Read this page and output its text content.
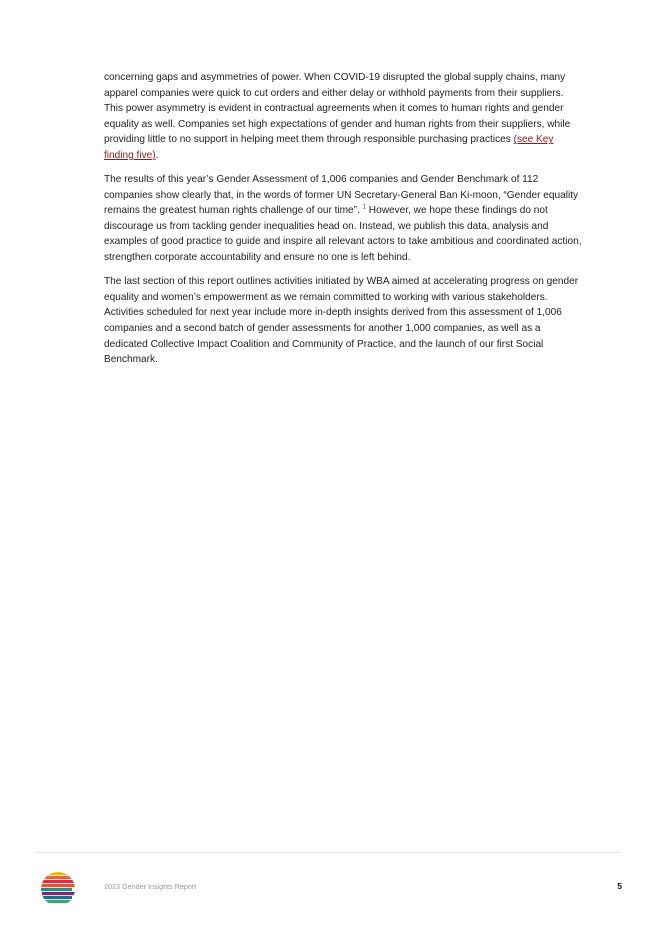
concerning gaps and asymmetries of power. When COVID-19 disrupted the global supply chains, many apparel companies were quick to cut orders and either delay or withhold payments from their suppliers. This power asymmetry is evident in contractual agreements when it comes to human rights and gender equality as well. Companies set high expectations of gender and human rights from their suppliers, while providing little to no support in helping meet them through responsible purchasing practices (see Key finding five).

The results of this year’s Gender Assessment of 1,006 companies and Gender Benchmark of 112 companies show clearly that, in the words of former UN Secretary-General Ban Ki-moon, “Gender equality remains the greatest human rights challenge of our time”. $^1$ However, we hope these findings do not discourage us from tackling gender inequalities head on. Instead, we publish this data, analysis and examples of good practice to guide and inspire all relevant actors to take ambitious and coordinated action, strengthen corporate accountability and ensure no one is left behind.

The last section of this report outlines activities initiated by WBA aimed at accelerating progress on gender equality and women’s empowerment as we remain committed to working with various stakeholders. Activities scheduled for next year include more in-depth insights derived from this assessment of 1,006 companies and a second batch of gender assessments for another 1,000 companies, as well as a dedicated Collective Impact Coalition and Community of Practice, and the launch of our first Social Benchmark.

2023 Gender Insights Report	5
